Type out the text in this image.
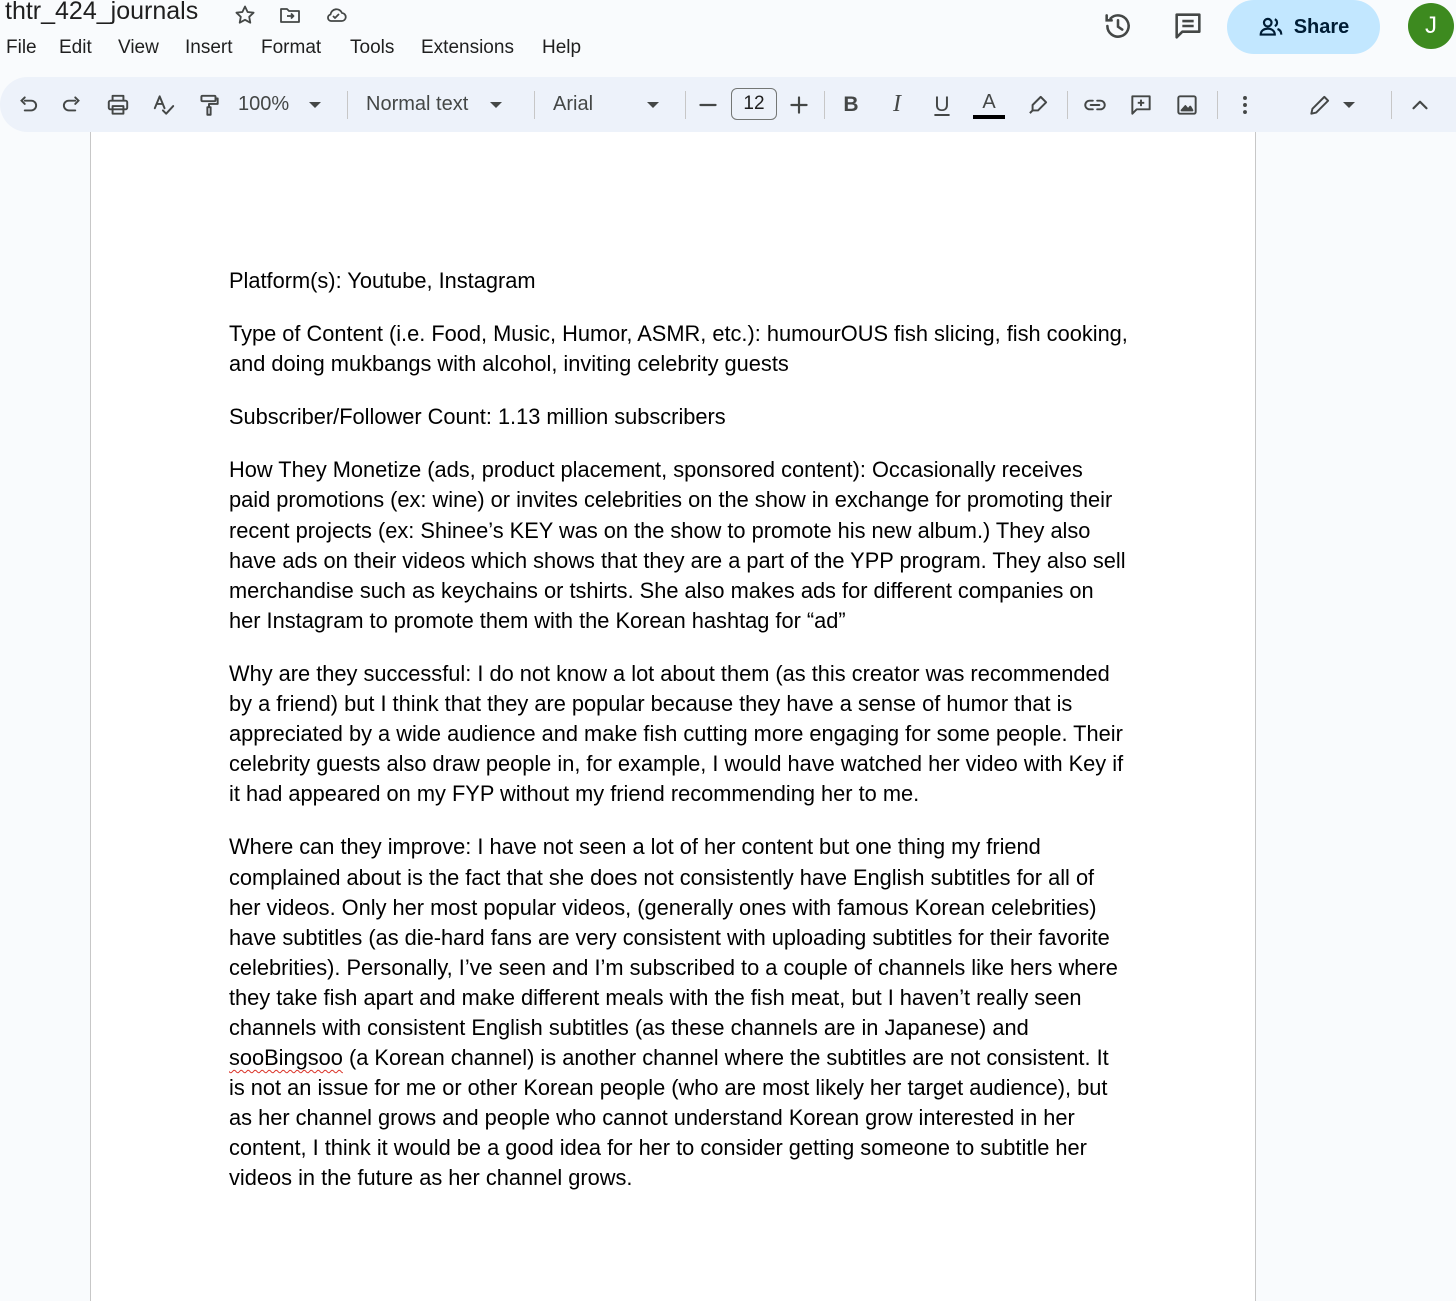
thtr_424_journals
File Edit View Insert Format Tools Extensions Help
Share	J
100%	Normal text	Arial
12	B I U A

Platform(s): Youtube, Instagram

Type of Content (i.e. Food, Music, Humor, ASMR, etc.): humourOUS fish slicing, fish cooking, and doing mukbangs with alcohol, inviting celebrity guests

Subscriber/Follower Count: 1.13 million subscribers

How They Monetize (ads, product placement, sponsored content): Occasionally receives paid promotions (ex: wine) or invites celebrities on the show in exchange for promoting their recent projects (ex: Shinee’s KEY was on the show to promote his new album.) They also have ads on their videos which shows that they are a part of the YPP program. They also sell merchandise such as keychains or tshirts. She also makes ads for different companies on her Instagram to promote them with the Korean hashtag for “ad”

Why are they successful: I do not know a lot about them (as this creator was recommended by a friend) but I think that they are popular because they have a sense of humor that is appreciated by a wide audience and make fish cutting more engaging for some people. Their celebrity guests also draw people in, for example, I would have watched her video with Key if it had appeared on my FYP without my friend recommending her to me.

Where can they improve: I have not seen a lot of her content but one thing my friend complained about is the fact that she does not consistently have English subtitles for all of her videos. Only her most popular videos, (generally ones with famous Korean celebrities) have subtitles (as die-hard fans are very consistent with uploading subtitles for their favorite celebrities). Personally, I’ve seen and I’m subscribed to a couple of channels like hers where they take fish apart and make different meals with the fish meat, but I haven’t really seen channels with consistent English subtitles (as these channels are in Japanese) and sooBingsoo (a Korean channel) is another channel where the subtitles are not consistent. It is not an issue for me or other Korean people (who are most likely her target audience), but as her channel grows and people who cannot understand Korean grow interested in her content, I think it would be a good idea for her to consider getting someone to subtitle her videos in the future as her channel grows.
